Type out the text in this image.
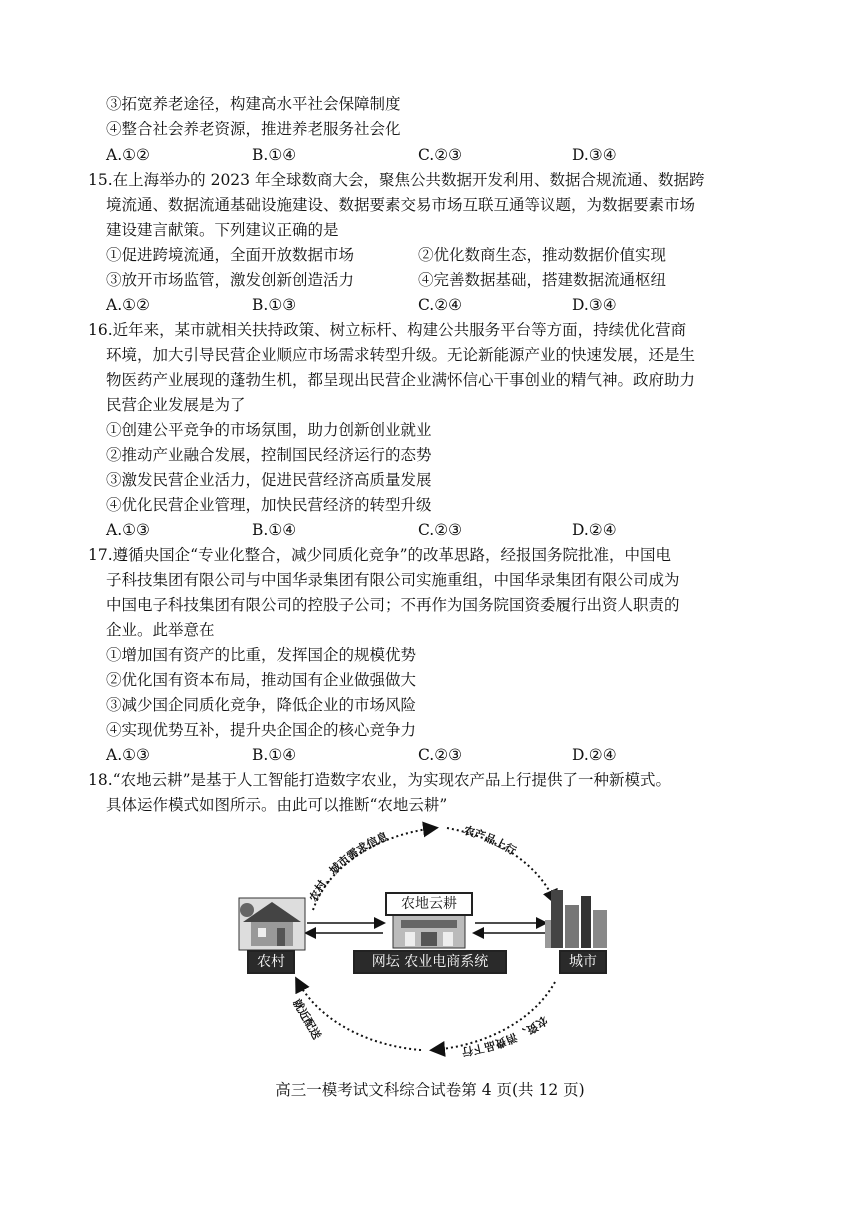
③拓宽养老途径，构建高水平社会保障制度
④整合社会养老资源，推进养老服务社会化
A.①②	B.①④	C.②③	D.③④
15.在上海举办的 2023 年全球数商大会，聚焦公共数据开发利用、数据合规流通、数据跨
境流通、数据流通基础设施建设、数据要素交易市场互联互通等议题，为数据要素市场
建设建言献策。下列建议正确的是
①促进跨境流通，全面开放数据市场	②优化数商生态，推动数据价值实现
③放开市场监管，激发创新创造活力	④完善数据基础，搭建数据流通枢纽
A.①②	B.①③	C.②④	D.③④
16.近年来，某市就相关扶持政策、树立标杆、构建公共服务平台等方面，持续优化营商
环境，加大引导民营企业顺应市场需求转型升级。无论新能源产业的快速发展，还是生
物医药产业展现的蓬勃生机，都呈现出民营企业满怀信心干事创业的精气神。政府助力
民营企业发展是为了
①创建公平竞争的市场氛围，助力创新创业就业
②推动产业融合发展，控制国民经济运行的态势
③激发民营企业活力，促进民营经济高质量发展
④优化民营企业管理，加快民营经济的转型升级
A.①③	B.①④	C.②③	D.②④
17.遵循央国企“专业化整合，减少同质化竞争”的改革思路，经报国务院批准，中国电
子科技集团有限公司与中国华录集团有限公司实施重组，中国华录集团有限公司成为
中国电子科技集团有限公司的控股子公司；不再作为国务院国资委履行出资人职责的
企业。此举意在
①增加国有资产的比重，发挥国企的规模优势
②优化国有资本布局，推动国有企业做强做大
③减少国企同质化竞争，降低企业的市场风险
④实现优势互补，提升央企国企的核心竞争力
A.①③	B.①④	C.②③	D.②④
18.“农地云耕”是基于人工智能打造数字农业，为实现农产品上行提供了一种新模式。
具体运作模式如图所示。由此可以推断“农地云耕”
农村、城市需求信息	农产品上行
农资、消费品下行
农地云耕
网坛 农业电商系统
农村	城市
就近配送
高三一模考试文科综合试卷第 4 页(共 12 页)
